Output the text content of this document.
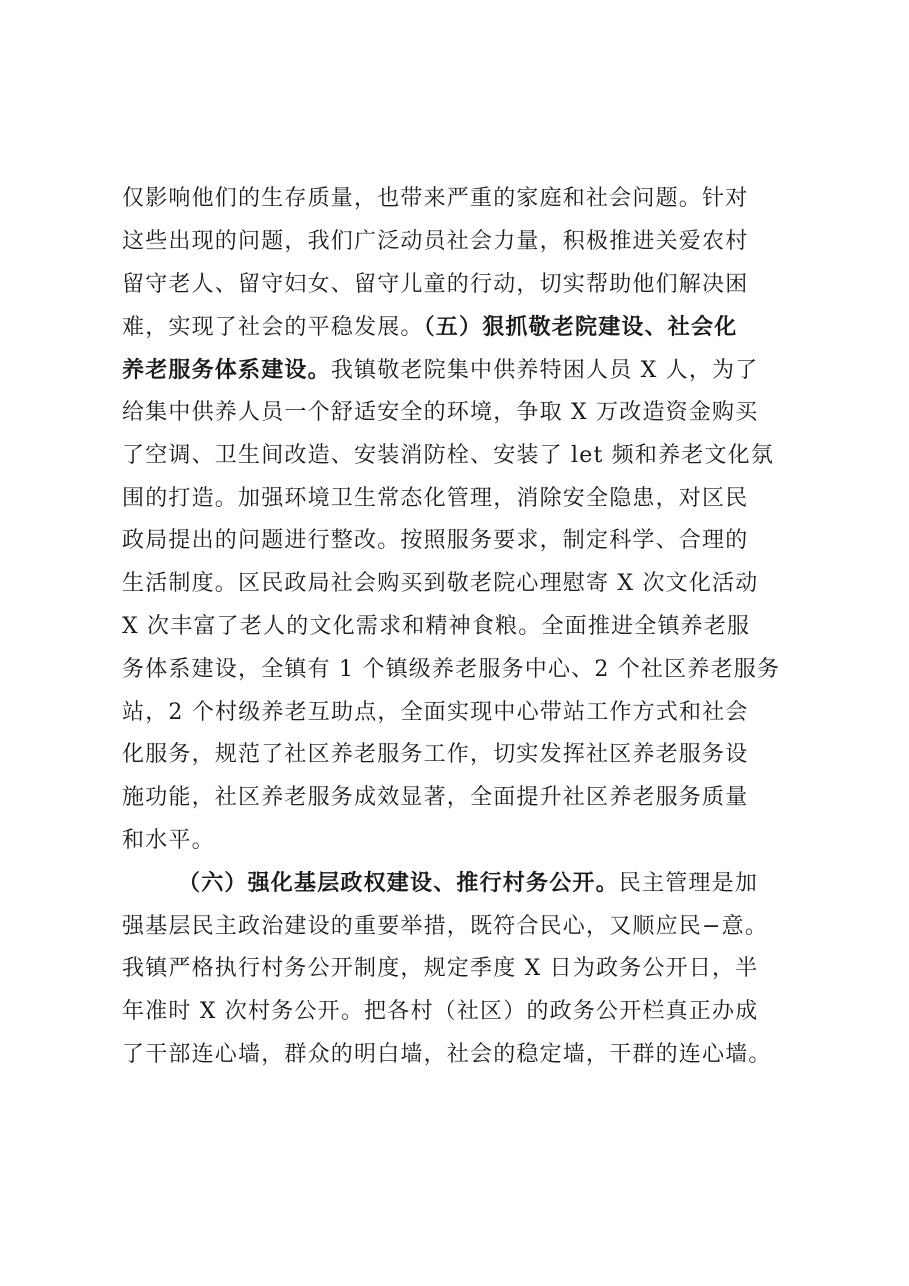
仅影响他们的生存质量，也带来严重的家庭和社会问题。针对
这些出现的问题，我们广泛动员社会力量，积极推进关爱农村
留守老人、留守妇女、留守儿童的行动，切实帮助他们解决困
难，实现了社会的平稳发展。（五）狠抓敬老院建设、社会化
养老服务体系建设。我镇敬老院集中供养特困人员 X 人，为了
给集中供养人员一个舒适安全的环境，争取 X 万改造资金购买
了空调、卫生间改造、安装消防栓、安装了 let 频和养老文化氛
围的打造。加强环境卫生常态化管理，消除安全隐患，对区民
政局提出的问题进行整改。按照服务要求，制定科学、合理的
生活制度。区民政局社会购买到敬老院心理慰寄 X 次文化活动
X 次丰富了老人的文化需求和精神食粮。全面推进全镇养老服
务体系建设，全镇有 1 个镇级养老服务中心、2 个社区养老服务
站，2 个村级养老互助点，全面实现中心带站工作方式和社会
化服务，规范了社区养老服务工作，切实发挥社区养老服务设
施功能，社区养老服务成效显著，全面提升社区养老服务质量
和水平。
（六）强化基层政权建设、推行村务公开。民主管理是加
强基层民主政治建设的重要举措，既符合民心，又顺应民−意。
我镇严格执行村务公开制度，规定季度 X 日为政务公开日，半
年准时 X 次村务公开。把各村（社区）的政务公开栏真正办成
了干部连心墙，群众的明白墙，社会的稳定墙，干群的连心墙。
